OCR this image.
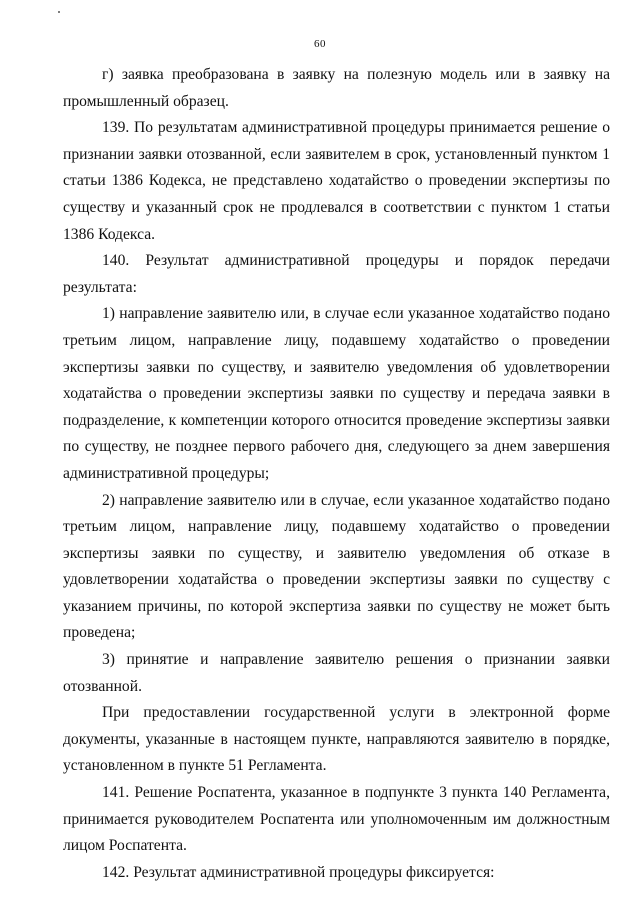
60

г) заявка преобразована в заявку на полезную модель или в заявку на промышленный образец.

139. По результатам административной процедуры принимается решение о признании заявки отозванной, если заявителем в срок, установленный пунктом 1 статьи 1386 Кодекса, не представлено ходатайство о проведении экспертизы по существу и указанный срок не продлевался в соответствии с пунктом 1 статьи 1386 Кодекса.

140. Результат административной процедуры и порядок передачи результата:

1) направление заявителю или, в случае если указанное ходатайство подано третьим лицом, направление лицу, подавшему ходатайство о проведении экспертизы заявки по существу, и заявителю уведомления об удовлетворении ходатайства о проведении экспертизы заявки по существу и передача заявки в подразделение, к компетенции которого относится проведение экспертизы заявки по существу, не позднее первого рабочего дня, следующего за днем завершения административной процедуры;

2) направление заявителю или в случае, если указанное ходатайство подано третьим лицом, направление лицу, подавшему ходатайство о проведении экспертизы заявки по существу, и заявителю уведомления об отказе в удовлетворении ходатайства о проведении экспертизы заявки по существу с указанием причины, по которой экспертиза заявки по существу не может быть проведена;

3) принятие и направление заявителю решения о признании заявки отозванной.

При предоставлении государственной услуги в электронной форме документы, указанные в настоящем пункте, направляются заявителю в порядке, установленном в пункте 51 Регламента.

141. Решение Роспатента, указанное в подпункте 3 пункта 140 Регламента, принимается руководителем Роспатента или уполномоченным им должностным лицом Роспатента.

142. Результат административной процедуры фиксируется:
